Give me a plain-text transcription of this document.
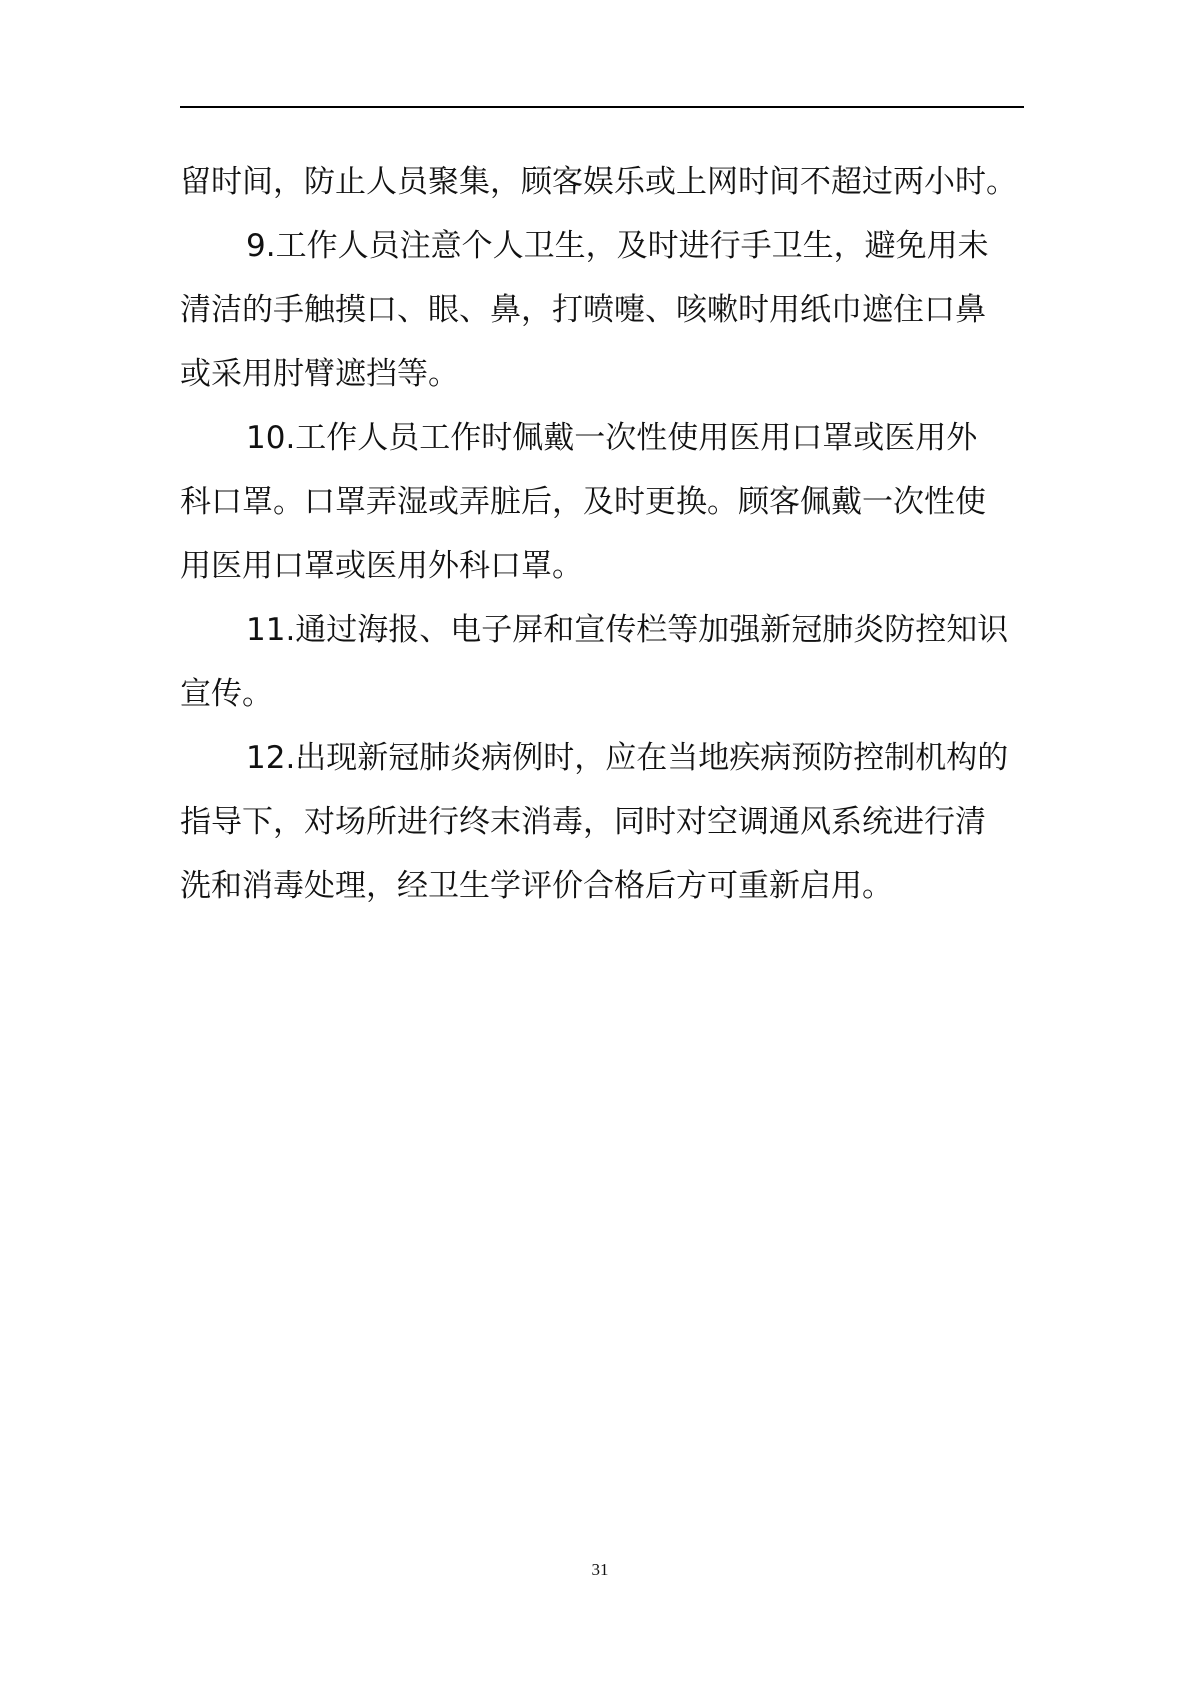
留时间，防止人员聚集，顾客娱乐或上网时间不超过两小时。

9.工作人员注意个人卫生，及时进行手卫生，避免用未
清洁的手触摸口、眼、鼻，打喷嚏、咳嗽时用纸巾遮住口鼻
或采用肘臂遮挡等。

10.工作人员工作时佩戴一次性使用医用口罩或医用外
科口罩。口罩弄湿或弄脏后，及时更换。顾客佩戴一次性使
用医用口罩或医用外科口罩。

11.通过海报、电子屏和宣传栏等加强新冠肺炎防控知识
宣传。

12.出现新冠肺炎病例时，应在当地疾病预防控制机构的
指导下，对场所进行终末消毒，同时对空调通风系统进行清
洗和消毒处理，经卫生学评价合格后方可重新启用。

31
